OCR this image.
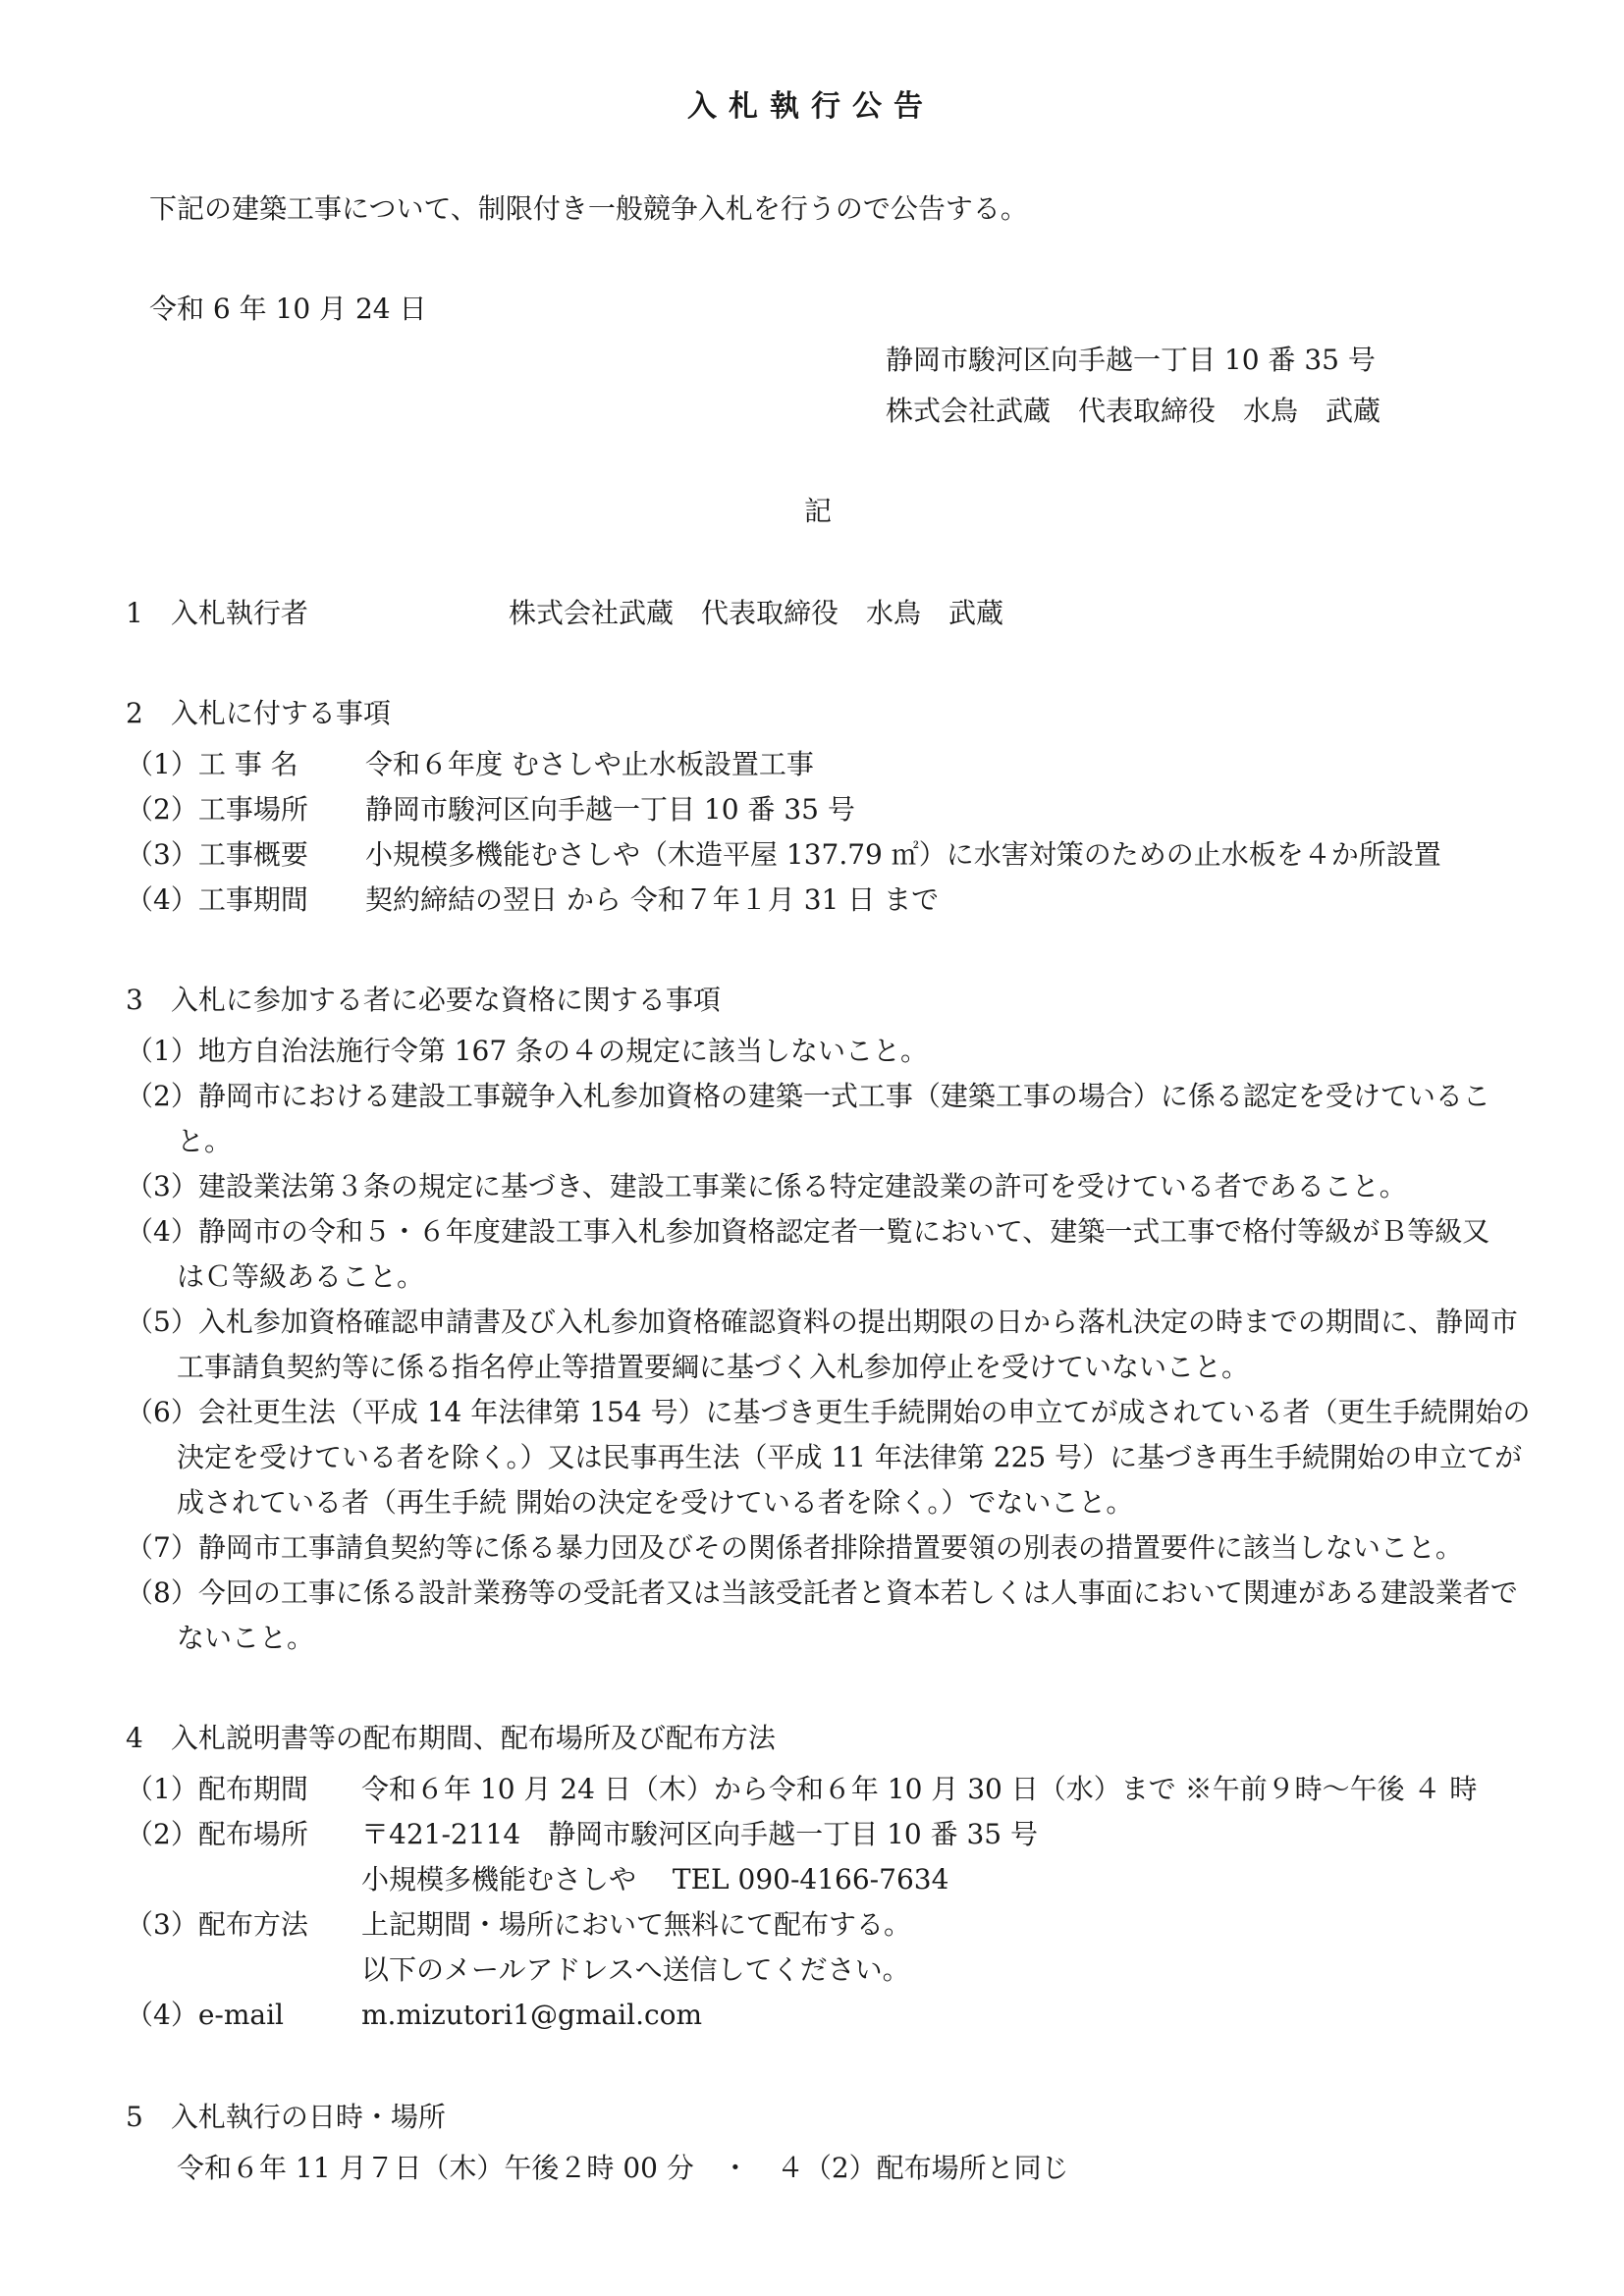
入札執行公告
下記の建築工事について、制限付き一般競争入札を行うので公告する。
令和 6 年 10 月 24 日
静岡市駿河区向手越一丁目 10 番 35 号
株式会社武蔵　代表取締役　水鳥　武蔵
記
1　入札執行者	株式会社武蔵　代表取締役　水鳥　武蔵
2　入札に付する事項
（1）工 事 名 令和６年度 むさしや止水板設置工事
（2）工事場所 静岡市駿河区向手越一丁目 10 番 35 号
（3）工事概要 小規模多機能むさしや（木造平屋 137.79 ㎡）に水害対策のための止水板を４か所設置
（4）工事期間 契約締結の翌日 から 令和７年１月 31 日 まで
3　入札に参加する者に必要な資格に関する事項
（1）地方自治法施行令第 167 条の４の規定に該当しないこと。
（2）静岡市における建設工事競争入札参加資格の建築一式工事（建築工事の場合）に係る認定を受けているこ
と。
（3）建設業法第３条の規定に基づき、建設工事業に係る特定建設業の許可を受けている者であること。
（4）静岡市の令和５・６年度建設工事入札参加資格認定者一覧において、建築一式工事で格付等級がＢ等級又
はＣ等級あること。
（5）入札参加資格確認申請書及び入札参加資格確認資料の提出期限の日から落札決定の時までの期間に、静岡市
工事請負契約等に係る指名停止等措置要綱に基づく入札参加停止を受けていないこと。
（6）会社更生法（平成 14 年法律第 154 号）に基づき更生手続開始の申立てが成されている者（更生手続開始の
決定を受けている者を除く。）又は民事再生法（平成 11 年法律第 225 号）に基づき再生手続開始の申立てが
成されている者（再生手続 開始の決定を受けている者を除く。）でないこと。
（7）静岡市工事請負契約等に係る暴力団及びその関係者排除措置要領の別表の措置要件に該当しないこと。
（8）今回の工事に係る設計業務等の受託者又は当該受託者と資本若しくは人事面において関連がある建設業者で
ないこと。
4　入札説明書等の配布期間、配布場所及び配布方法
（1）配布期間 令和６年 10 月 24 日（木）から令和６年 10 月 30 日（水）まで ※午前９時～午後 ４ 時
（2）配布場所 〒421-2114　静岡市駿河区向手越一丁目 10 番 35 号
小規模多機能むさしや　 TEL 090-4166-7634
（3）配布方法 上記期間・場所において無料にて配布する。
以下のメールアドレスへ送信してください。
（4）e-mail	m.mizutori1@gmail.com
5　入札執行の日時・場所
令和６年 11 月７日（木）午後２時 00 分　・　４（2）配布場所と同じ
